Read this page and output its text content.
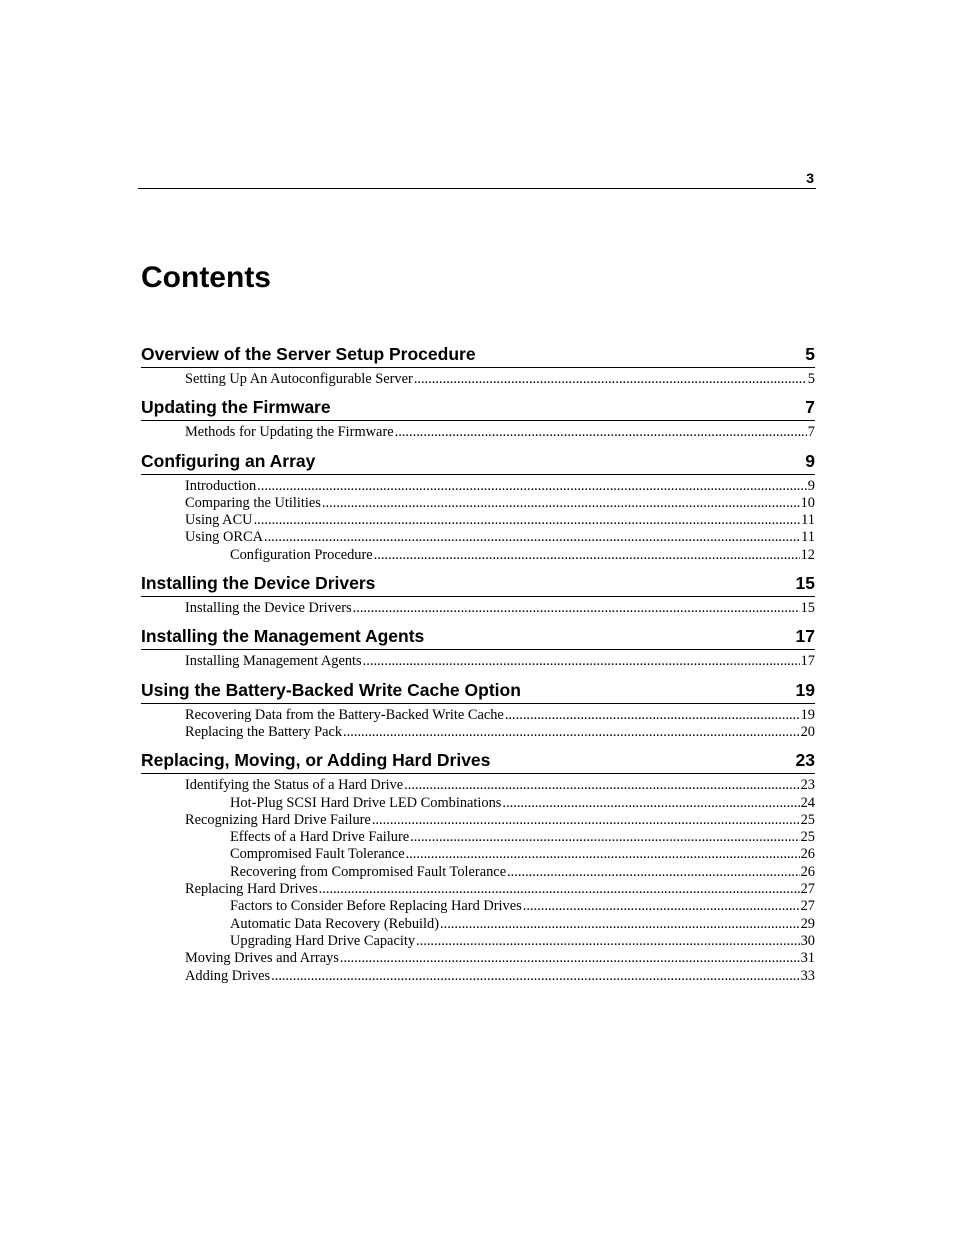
3
Contents
Overview of the Server Setup Procedure	5
Setting Up An Autoconfigurable Server .....	5
Updating the Firmware	7
Methods for Updating the Firmware .....	7
Configuring an Array	9
Introduction .....	9
Comparing the Utilities .....	10
Using ACU .....	11
Using ORCA .....	11
Configuration Procedure .....	12
Installing the Device Drivers	15
Installing the Device Drivers .....	15
Installing the Management Agents	17
Installing Management Agents .....	17
Using the Battery-Backed Write Cache Option	19
Recovering Data from the Battery-Backed Write Cache .....	19
Replacing the Battery Pack .....	20
Replacing, Moving, or Adding Hard Drives	23
Identifying the Status of a Hard Drive .....	23
Hot-Plug SCSI Hard Drive LED Combinations .....	24
Recognizing Hard Drive Failure .....	25
Effects of a Hard Drive Failure .....	25
Compromised Fault Tolerance .....	26
Recovering from Compromised Fault Tolerance .....	26
Replacing Hard Drives .....	27
Factors to Consider Before Replacing Hard Drives .....	27
Automatic Data Recovery (Rebuild) .....	29
Upgrading Hard Drive Capacity .....	30
Moving Drives and Arrays .....	31
Adding Drives .....	33
